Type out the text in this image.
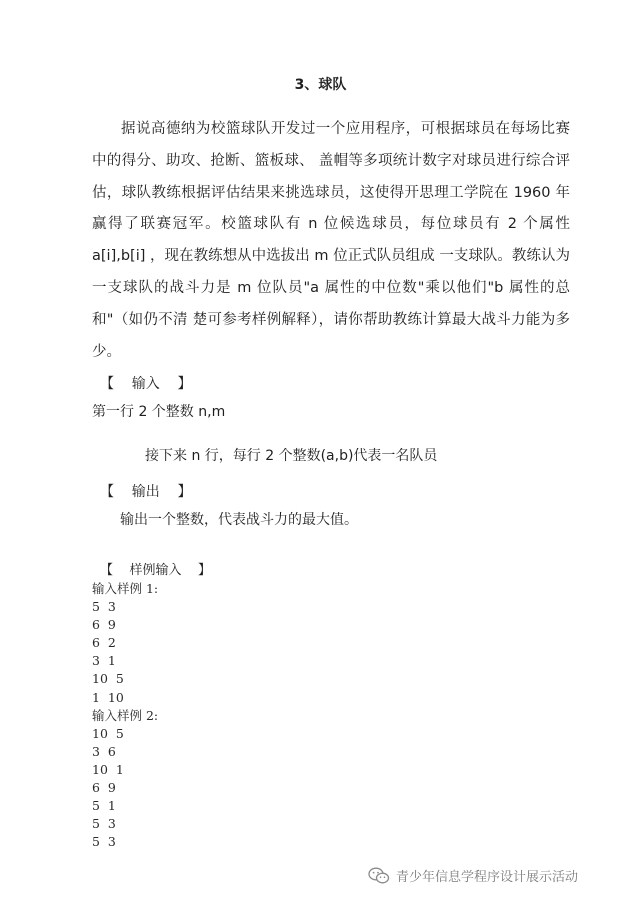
3、球队

据说高德纳为校篮球队开发过一个应用程序，可根据球员在每场比赛中的得分、助攻、抢断、篮板球、 盖帽等多项统计数字对球员进行综合评估，球队教练根据评估结果来挑选球员，这使得开思理工学院在 1960 年赢得了联赛冠军。校篮球队有 n 位候选球员，每位球员有 2 个属性 a[i],b[i] ，现在教练想从中选拔出 m 位正式队员组成 一支球队。教练认为一支球队的战斗力是 m 位队员"a 属性的中位数"乘以他们"b 属性的总和"（如仍不清 楚可参考样例解释），请你帮助教练计算最大战斗力能为多少。

【    输入    】
第一行 2 个整数 n,m
接下来 n 行，每行 2 个整数(a,b)代表一名队员
【    输出    】
输出一个整数，代表战斗力的最大值。
【    样例输入    】
输入样例 1:
5  3
6  9
6  2
3  1
10  5
1  10
输入样例 2:
10  5
3  6
10  1
6  9
5  1
5  3
5  3
青少年信息学程序设计展示活动
